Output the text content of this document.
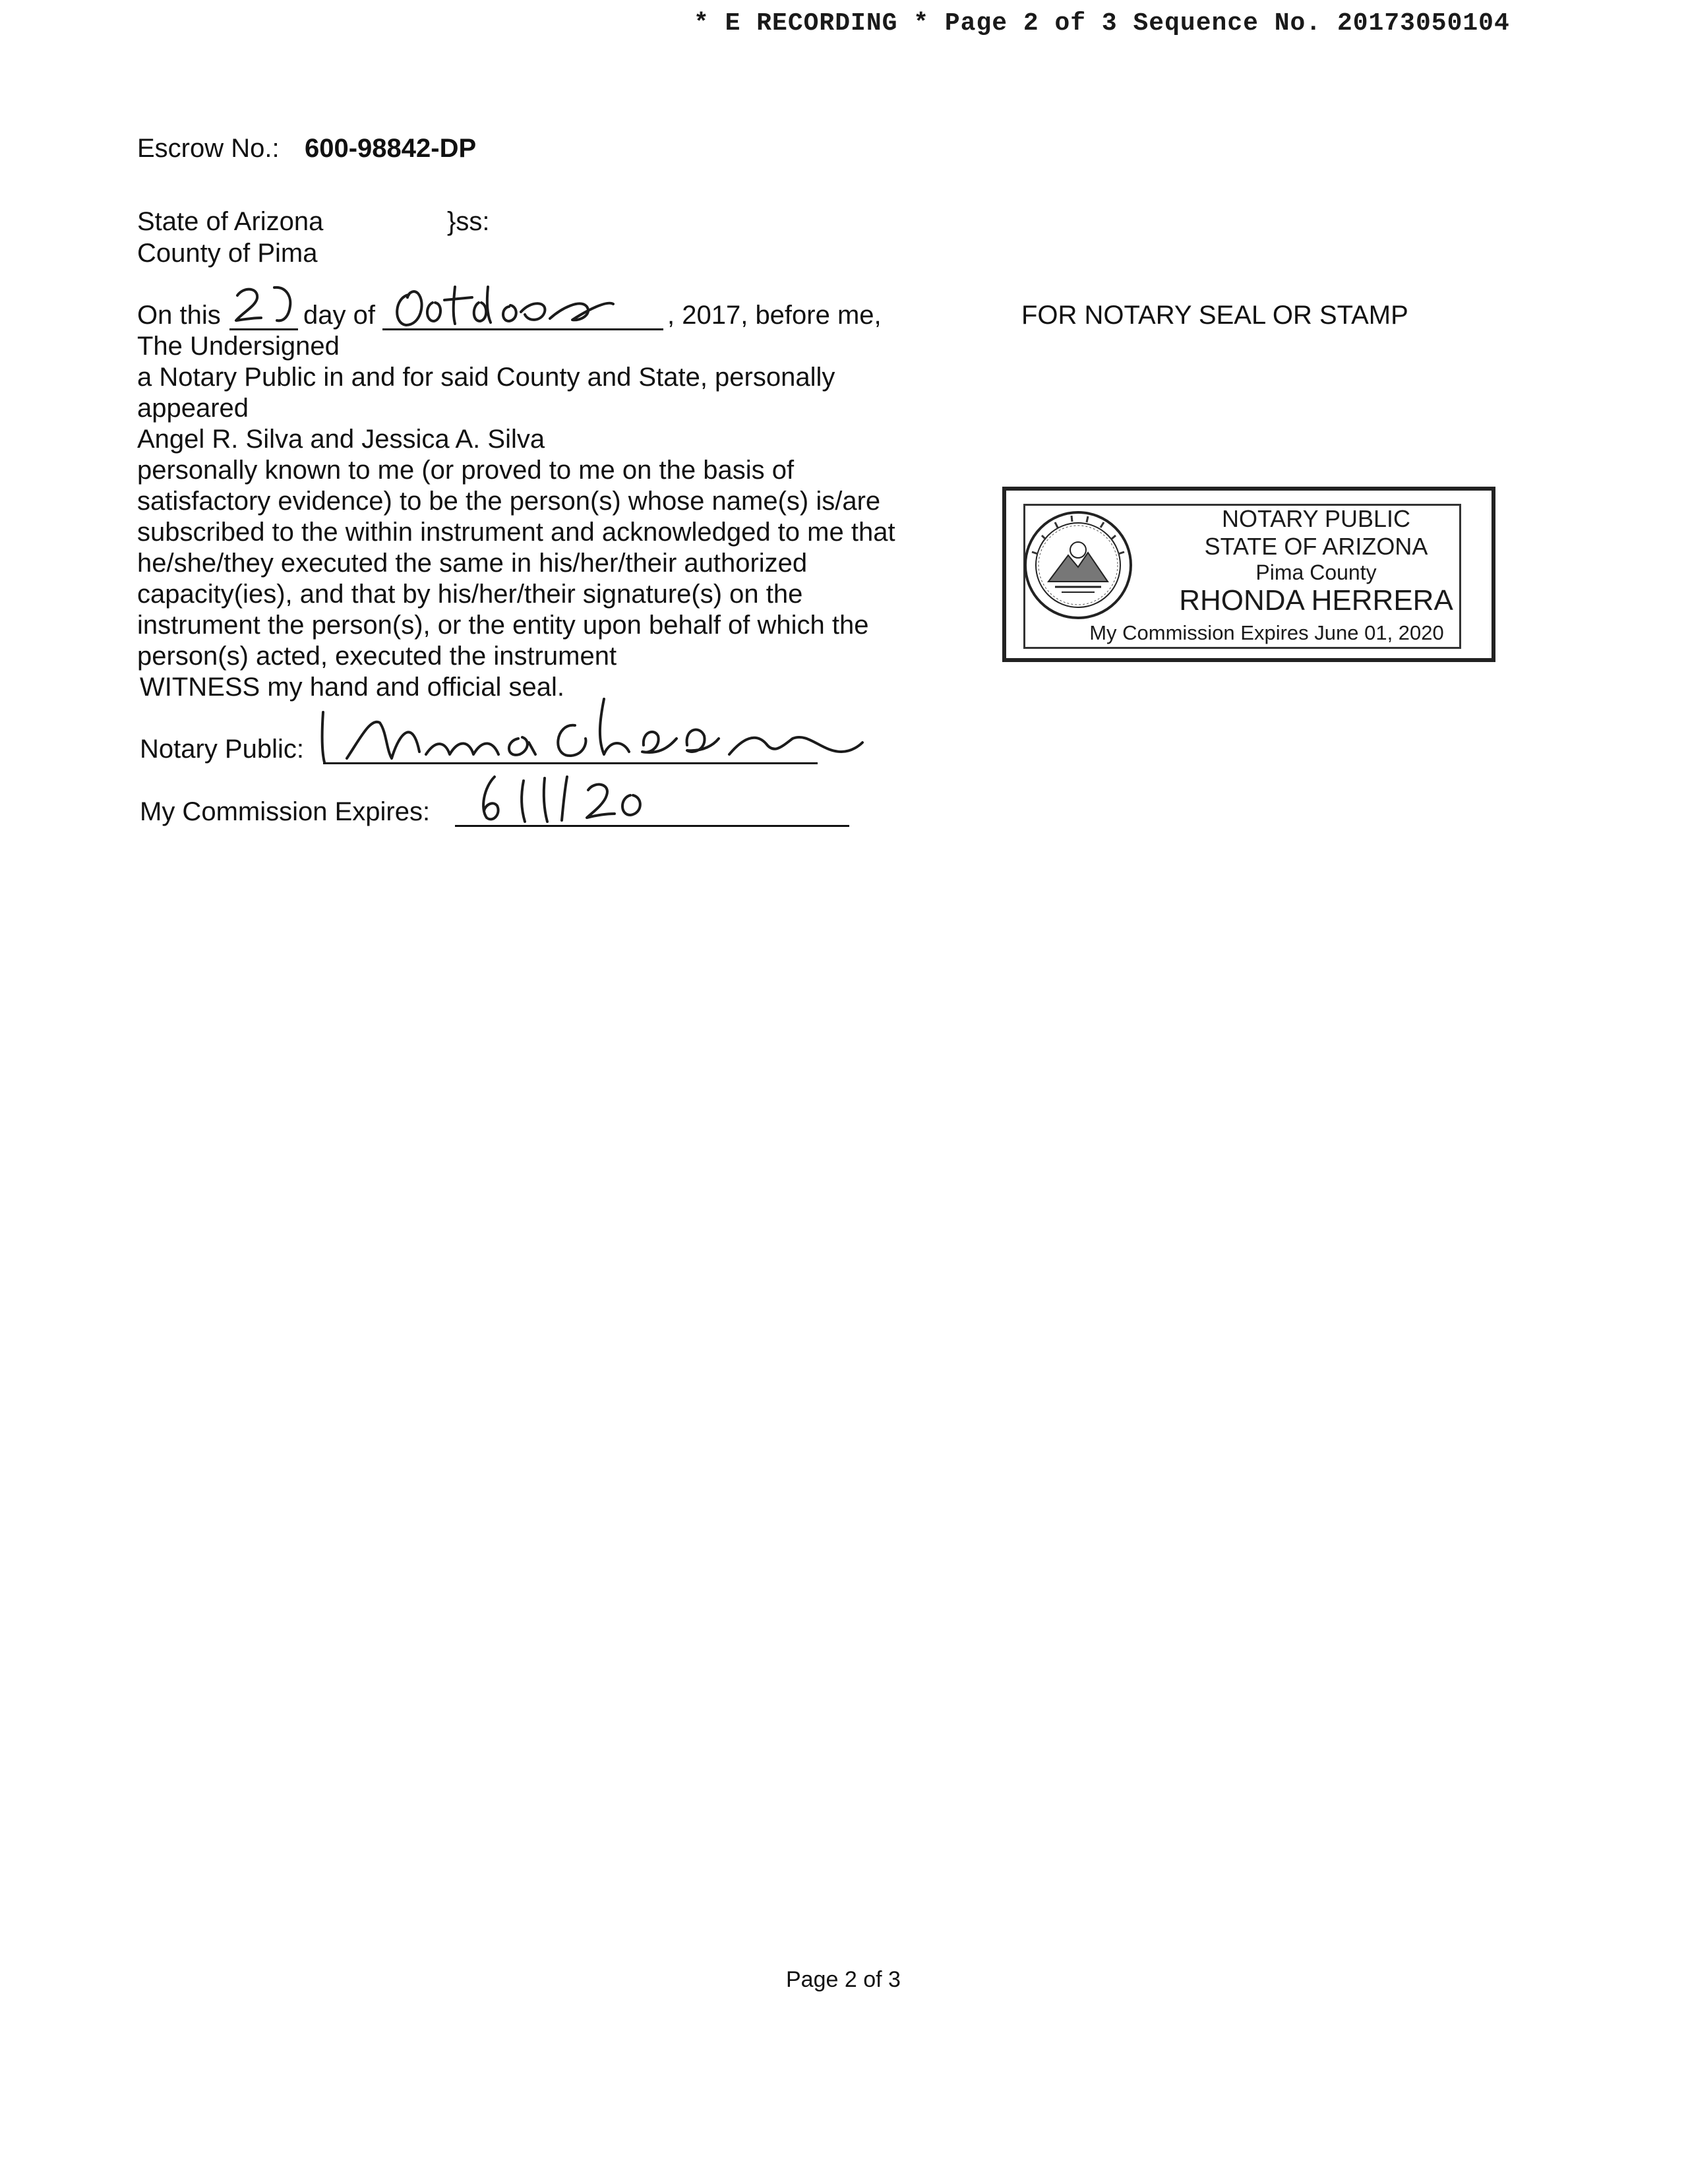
* E RECORDING * Page 2 of 3 Sequence No. 20173050104
Escrow No.: 600-98842-DP
State of Arizona	}ss:
County of Pima
On this	day of	, 2017, before me,
The Undersigned
a Notary Public in and for said County and State, personally
appeared
Angel R. Silva and Jessica A. Silva
personally known to me (or proved to me on the basis of
satisfactory evidence) to be the person(s) whose name(s) is/are
subscribed to the within instrument and acknowledged to me that
he/she/they executed the same in his/her/their authorized
capacity(ies), and that by his/her/their signature(s) on the
instrument the person(s), or the entity upon behalf of which the
person(s) acted, executed the instrument
WITNESS my hand and official seal.
Notary Public:
My Commission Expires:
FOR NOTARY SEAL OR STAMP
NOTARY PUBLIC
STATE OF ARIZONA
Pima County
RHONDA HERRERA
My Commission Expires June 01, 2020
Page 2 of 3
